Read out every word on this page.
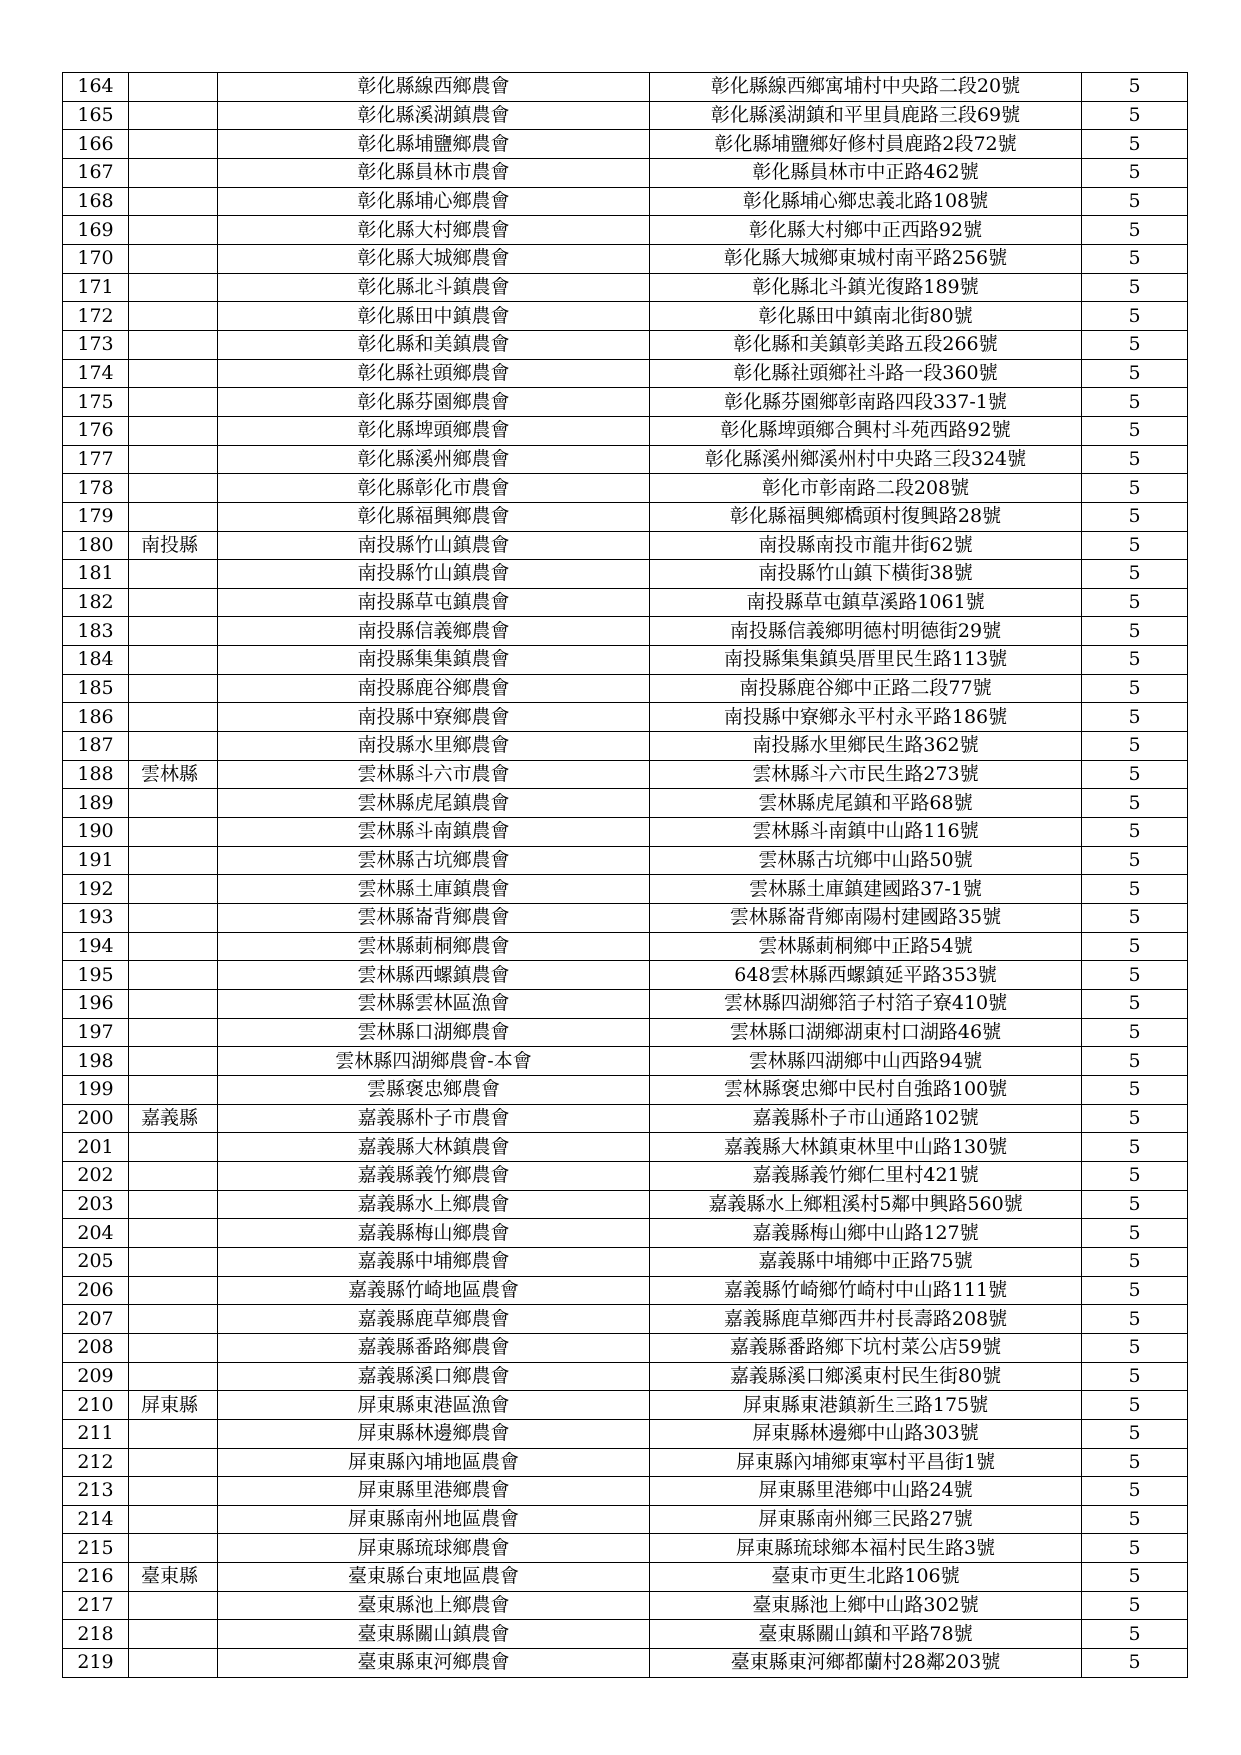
164		彰化縣線西鄉農會	彰化縣線西鄉寓埔村中央路二段20號	5
165		彰化縣溪湖鎮農會	彰化縣溪湖鎮和平里員鹿路三段69號	5
166		彰化縣埔鹽鄉農會	彰化縣埔鹽鄉好修村員鹿路2段72號	5
167		彰化縣員林市農會	彰化縣員林市中正路462號	5
168		彰化縣埔心鄉農會	彰化縣埔心鄉忠義北路108號	5
169		彰化縣大村鄉農會	彰化縣大村鄉中正西路92號	5
170		彰化縣大城鄉農會	彰化縣大城鄉東城村南平路256號	5
171		彰化縣北斗鎮農會	彰化縣北斗鎮光復路189號	5
172		彰化縣田中鎮農會	彰化縣田中鎮南北街80號	5
173		彰化縣和美鎮農會	彰化縣和美鎮彰美路五段266號	5
174		彰化縣社頭鄉農會	彰化縣社頭鄉社斗路一段360號	5
175		彰化縣芬園鄉農會	彰化縣芬園鄉彰南路四段337-1號	5
176		彰化縣埤頭鄉農會	彰化縣埤頭鄉合興村斗苑西路92號	5
177		彰化縣溪州鄉農會	彰化縣溪州鄉溪州村中央路三段324號	5
178		彰化縣彰化市農會	彰化市彰南路二段208號	5
179		彰化縣福興鄉農會	彰化縣福興鄉橋頭村復興路28號	5
180	南投縣	南投縣竹山鎮農會	南投縣南投市龍井街62號	5
181		南投縣竹山鎮農會	南投縣竹山鎮下橫街38號	5
182		南投縣草屯鎮農會	南投縣草屯鎮草溪路1061號	5
183		南投縣信義鄉農會	南投縣信義鄉明德村明德街29號	5
184		南投縣集集鎮農會	南投縣集集鎮吳厝里民生路113號	5
185		南投縣鹿谷鄉農會	南投縣鹿谷鄉中正路二段77號	5
186		南投縣中寮鄉農會	南投縣中寮鄉永平村永平路186號	5
187		南投縣水里鄉農會	南投縣水里鄉民生路362號	5
188	雲林縣	雲林縣斗六市農會	雲林縣斗六市民生路273號	5
189		雲林縣虎尾鎮農會	雲林縣虎尾鎮和平路68號	5
190		雲林縣斗南鎮農會	雲林縣斗南鎮中山路116號	5
191		雲林縣古坑鄉農會	雲林縣古坑鄉中山路50號	5
192		雲林縣土庫鎮農會	雲林縣土庫鎮建國路37-1號	5
193		雲林縣崙背鄉農會	雲林縣崙背鄉南陽村建國路35號	5
194		雲林縣莿桐鄉農會	雲林縣莿桐鄉中正路54號	5
195		雲林縣西螺鎮農會	648雲林縣西螺鎮延平路353號	5
196		雲林縣雲林區漁會	雲林縣四湖鄉箔子村箔子寮410號	5
197		雲林縣口湖鄉農會	雲林縣口湖鄉湖東村口湖路46號	5
198		雲林縣四湖鄉農會-本會	雲林縣四湖鄉中山西路94號	5
199		雲縣褒忠鄉農會	雲林縣褒忠鄉中民村自強路100號	5
200	嘉義縣	嘉義縣朴子市農會	嘉義縣朴子市山通路102號	5
201		嘉義縣大林鎮農會	嘉義縣大林鎮東林里中山路130號	5
202		嘉義縣義竹鄉農會	嘉義縣義竹鄉仁里村421號	5
203		嘉義縣水上鄉農會	嘉義縣水上鄉粗溪村5鄰中興路560號	5
204		嘉義縣梅山鄉農會	嘉義縣梅山鄉中山路127號	5
205		嘉義縣中埔鄉農會	嘉義縣中埔鄉中正路75號	5
206		嘉義縣竹崎地區農會	嘉義縣竹崎鄉竹崎村中山路111號	5
207		嘉義縣鹿草鄉農會	嘉義縣鹿草鄉西井村長壽路208號	5
208		嘉義縣番路鄉農會	嘉義縣番路鄉下坑村菜公店59號	5
209		嘉義縣溪口鄉農會	嘉義縣溪口鄉溪東村民生街80號	5
210	屏東縣	屏東縣東港區漁會	屏東縣東港鎮新生三路175號	5
211		屏東縣林邊鄉農會	屏東縣林邊鄉中山路303號	5
212		屏東縣內埔地區農會	屏東縣內埔鄉東寧村平昌街1號	5
213		屏東縣里港鄉農會	屏東縣里港鄉中山路24號	5
214		屏東縣南州地區農會	屏東縣南州鄉三民路27號	5
215		屏東縣琉球鄉農會	屏東縣琉球鄉本福村民生路3號	5
216	臺東縣	臺東縣台東地區農會	臺東市更生北路106號	5
217		臺東縣池上鄉農會	臺東縣池上鄉中山路302號	5
218		臺東縣關山鎮農會	臺東縣關山鎮和平路78號	5
219		臺東縣東河鄉農會	臺東縣東河鄉都蘭村28鄰203號	5
